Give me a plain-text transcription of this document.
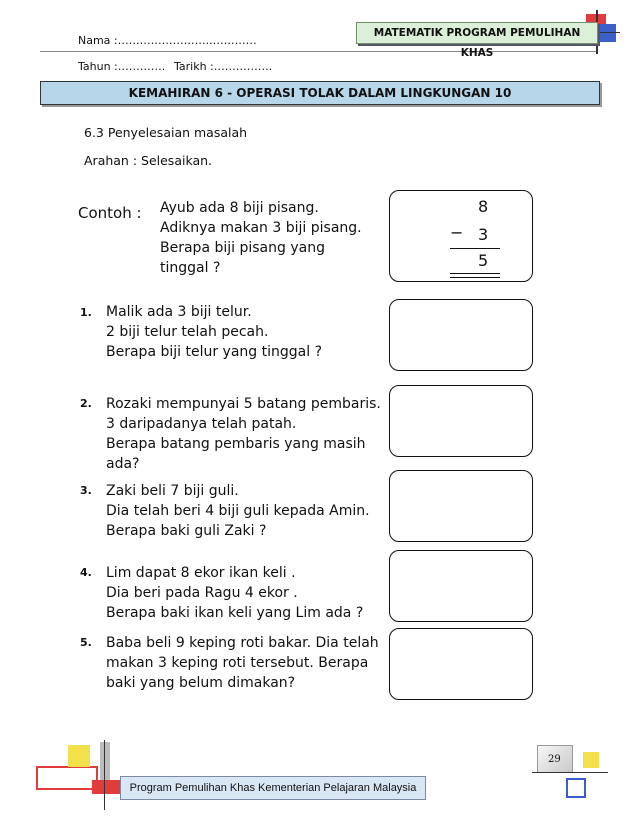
Nama :……………………..…………
Tahun :…………. Tarikh :…………….
MATEMATIK PROGRAM PEMULIHAN KHAS
KEMAHIRAN 6 - OPERASI TOLAK DALAM LINGKUNGAN 10
6.3 Penyelesaian masalah
Arahan : Selesaikan.
Contoh : Ayub ada 8 biji pisang.
Adiknya makan 3 biji pisang.
Berapa biji pisang yang
tinggal ?
8
− 3
5
1. Malik ada 3 biji telur.
2 biji telur telah pecah.
Berapa biji telur yang tinggal ?
2. Rozaki mempunyai 5 batang pembaris.
3 daripadanya telah patah.
Berapa batang pembaris yang masih
ada?
3. Zaki beli 7 biji guli.
Dia telah beri 4 biji guli kepada Amin.
Berapa baki guli Zaki ?
4. Lim dapat 8 ekor ikan keli .
Dia beri pada Ragu 4 ekor .
Berapa baki ikan keli yang Lim ada ?
5. Baba beli 9 keping roti bakar. Dia telah
makan 3 keping roti tersebut. Berapa
baki yang belum dimakan?
29
Program Pemulihan Khas Kementerian Pelajaran Malaysia
